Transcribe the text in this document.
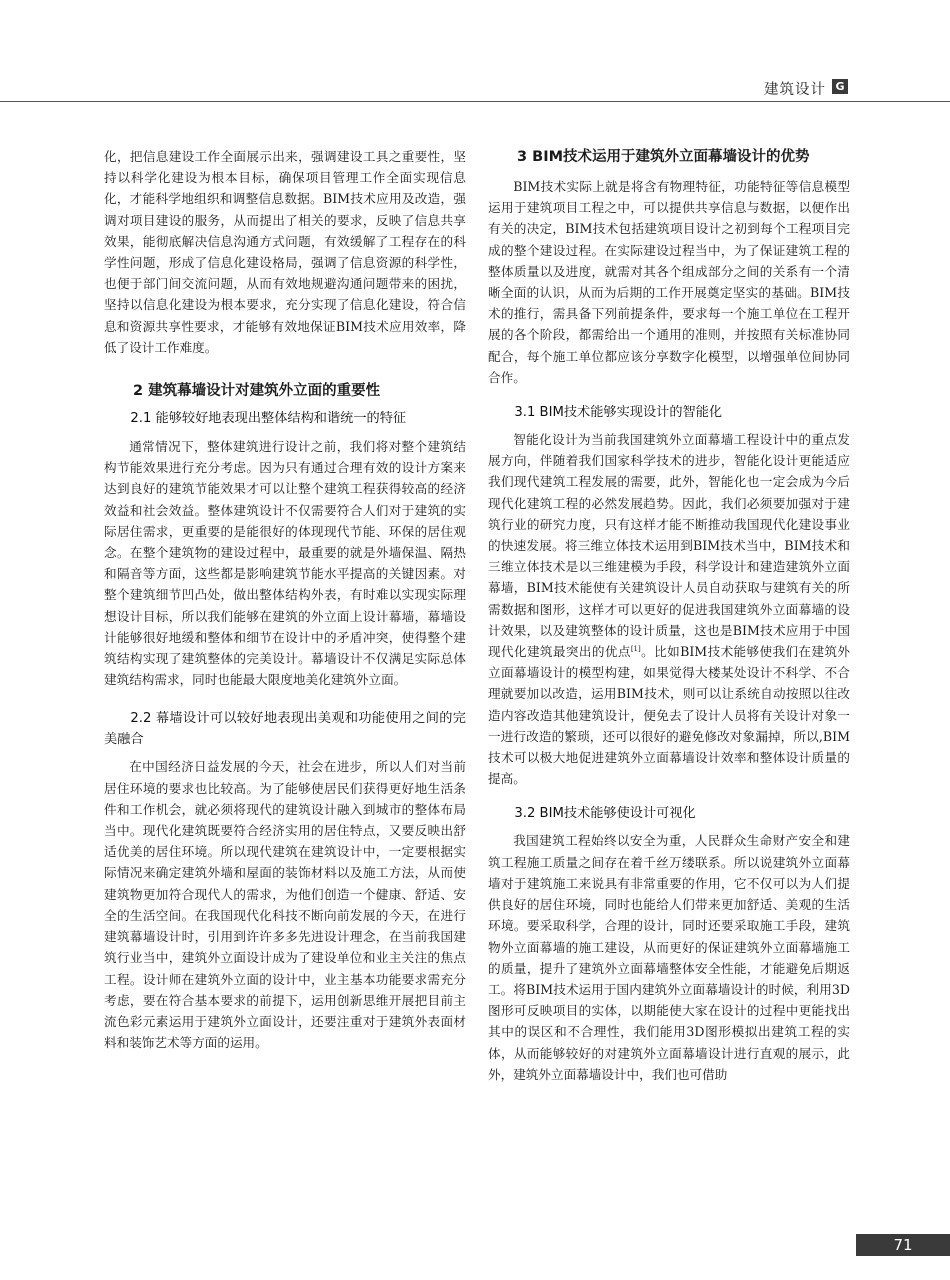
建筑设计 G

化，把信息建设工作全面展示出来，强调建设工具之重要性，坚持以科学化建设为根本目标，确保项目管理工作全面实现信息化，才能科学地组织和调整信息数据。BIM技术应用及改造，强调对项目建设的服务，从而提出了相关的要求，反映了信息共享效果，能彻底解决信息沟通方式问题，有效缓解了工程存在的科学性问题，形成了信息化建设格局，强调了信息资源的科学性，也便于部门间交流问题，从而有效地规避沟通问题带来的困扰，坚持以信息化建设为根本要求，充分实现了信息化建设，符合信息和资源共享性要求，才能够有效地保证BIM技术应用效率，降低了设计工作难度。

2 建筑幕墙设计对建筑外立面的重要性

2.1 能够较好地表现出整体结构和谐统一的特征

通常情况下，整体建筑进行设计之前，我们将对整个建筑结构节能效果进行充分考虑。因为只有通过合理有效的设计方案来达到良好的建筑节能效果才可以让整个建筑工程获得较高的经济效益和社会效益。整体建筑设计不仅需要符合人们对于建筑的实际居住需求，更重要的是能很好的体现现代节能、环保的居住观念。在整个建筑物的建设过程中，最重要的就是外墙保温、隔热和隔音等方面，这些都是影响建筑节能水平提高的关键因素。对整个建筑细节凹凸处，做出整体结构外表，有时难以实现实际理想设计目标，所以我们能够在建筑的外立面上设计幕墙，幕墙设计能够很好地缓和整体和细节在设计中的矛盾冲突，使得整个建筑结构实现了建筑整体的完美设计。幕墙设计不仅满足实际总体建筑结构需求，同时也能最大限度地美化建筑外立面。

2.2 幕墙设计可以较好地表现出美观和功能使用之间的完美融合

在中国经济日益发展的今天，社会在进步，所以人们对当前居住环境的要求也比较高。为了能够使居民们获得更好地生活条件和工作机会，就必须将现代的建筑设计融入到城市的整体布局当中。现代化建筑既要符合经济实用的居住特点，又要反映出舒适优美的居住环境。所以现代建筑在建筑设计中，一定要根据实际情况来确定建筑外墙和屋面的装饰材料以及施工方法，从而使建筑物更加符合现代人的需求，为他们创造一个健康、舒适、安全的生活空间。在我国现代化科技不断向前发展的今天，在进行建筑幕墙设计时，引用到许许多多先进设计理念，在当前我国建筑行业当中，建筑外立面设计成为了建设单位和业主关注的焦点工程。设计师在建筑外立面的设计中，业主基本功能要求需充分考虑，要在符合基本要求的前提下，运用创新思维开展把目前主流色彩元素运用于建筑外立面设计，还要注重对于建筑外表面材料和装饰艺术等方面的运用。

3 BIM技术运用于建筑外立面幕墙设计的优势

BIM技术实际上就是将含有物理特征，功能特征等信息模型运用于建筑项目工程之中，可以提供共享信息与数据，以便作出有关的决定，BIM技术包括建筑项目设计之初到每个工程项目完成的整个建设过程。在实际建设过程当中，为了保证建筑工程的整体质量以及进度，就需对其各个组成部分之间的关系有一个清晰全面的认识，从而为后期的工作开展奠定坚实的基础。BIM技术的推行，需具备下列前提条件，要求每一个施工单位在工程开展的各个阶段，都需给出一个通用的准则，并按照有关标准协同配合，每个施工单位都应该分享数字化模型，以增强单位间协同合作。

3.1 BIM技术能够实现设计的智能化

智能化设计为当前我国建筑外立面幕墙工程设计中的重点发展方向，伴随着我们国家科学技术的进步，智能化设计更能适应我们现代建筑工程发展的需要，此外，智能化也一定会成为今后现代化建筑工程的必然发展趋势。因此，我们必须要加强对于建筑行业的研究力度，只有这样才能不断推动我国现代化建设事业的快速发展。将三维立体技术运用到BIM技术当中，BIM技术和三维立体技术是以三维建模为手段，科学设计和建造建筑外立面幕墙，BIM技术能使有关建筑设计人员自动获取与建筑有关的所需数据和图形，这样才可以更好的促进我国建筑外立面幕墙的设计效果，以及建筑整体的设计质量，这也是BIM技术应用于中国现代化建筑最突出的优点[1]。比如BIM技术能够使我们在建筑外立面幕墙设计的模型构建，如果觉得大楼某处设计不科学、不合理就要加以改造，运用BIM技术，则可以让系统自动按照以往改造内容改造其他建筑设计，便免去了设计人员将有关设计对象一一进行改造的繁琐，还可以很好的避免修改对象漏掉，所以,BIM技术可以极大地促进建筑外立面幕墙设计效率和整体设计质量的提高。

3.2 BIM技术能够使设计可视化

我国建筑工程始终以安全为重，人民群众生命财产安全和建筑工程施工质量之间存在着千丝万缕联系。所以说建筑外立面幕墙对于建筑施工来说具有非常重要的作用，它不仅可以为人们提供良好的居住环境，同时也能给人们带来更加舒适、美观的生活环境。要采取科学，合理的设计，同时还要采取施工手段，建筑物外立面幕墙的施工建设，从而更好的保证建筑外立面幕墙施工的质量，提升了建筑外立面幕墙整体安全性能，才能避免后期返工。将BIM技术运用于国内建筑外立面幕墙设计的时候，利用3D图形可反映项目的实体，以期能使大家在设计的过程中更能找出其中的误区和不合理性，我们能用3D图形模拟出建筑工程的实体，从而能够较好的对建筑外立面幕墙设计进行直观的展示，此外，建筑外立面幕墙设计中，我们也可借助

71
